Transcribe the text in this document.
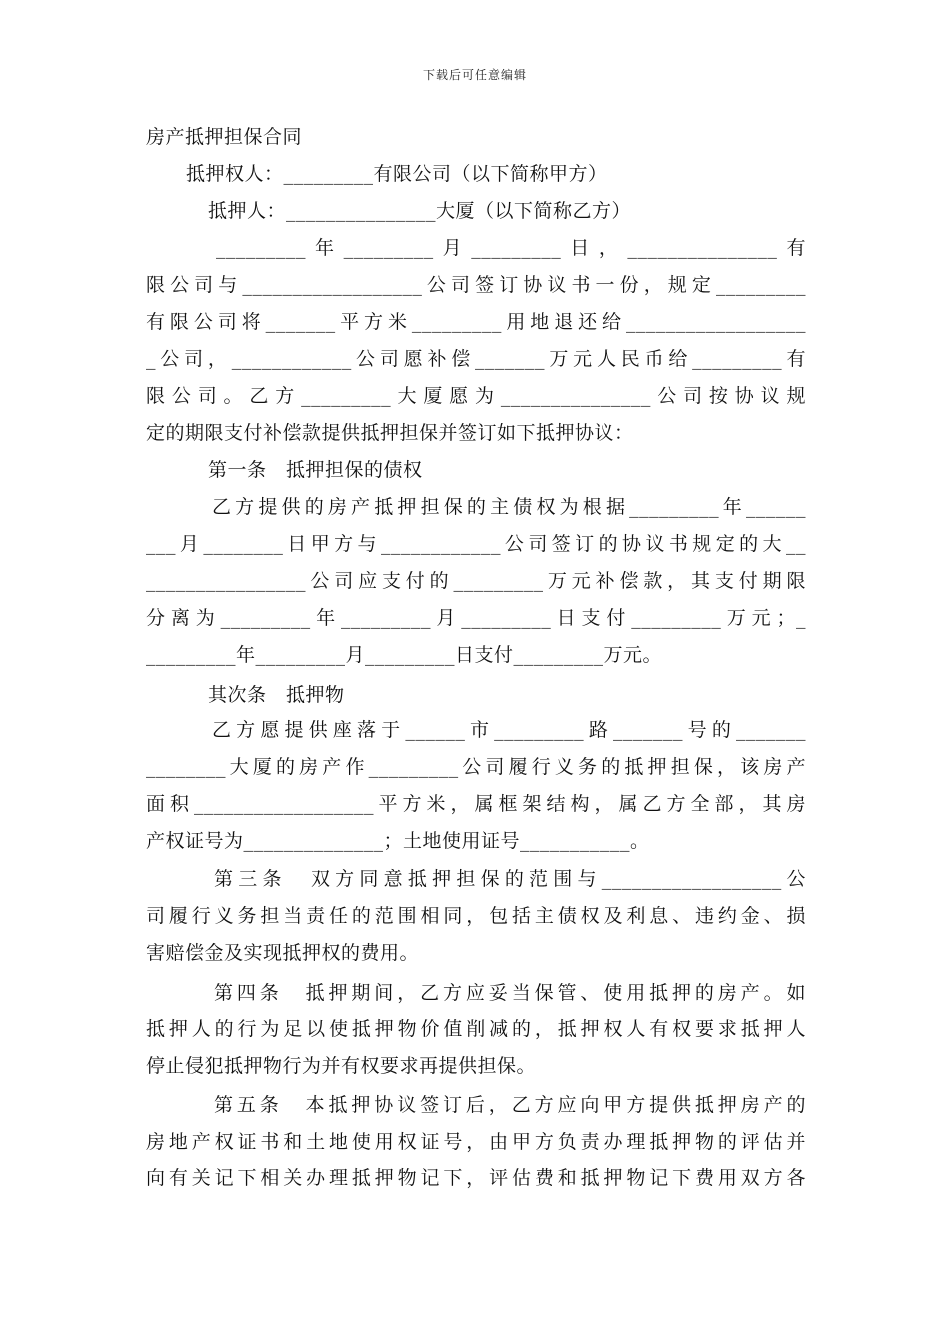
下载后可任意编辑
房产抵押担保合同
抵押权人：_________有限公司（以下简称甲方）
抵押人：_______________大厦（以下简称乙方）
_________年_________月_________日，_______________有
限公司与__________________公司签订协议书一份，规定_________
有限公司将_______平方米_________用地退还给__________________
_公司，____________公司愿补偿_______万元人民币给_________有
限公司。乙方_________大厦愿为_______________公司按协议规
定的期限支付补偿款提供抵押担保并签订如下抵押协议：
第一条　抵押担保的债权
乙方提供的房产抵押担保的主债权为根据_________年______
___月________日甲方与____________公司签订的协议书规定的大__
________________公司应支付的_________万元补偿款，其支付期限
分离为_________年_________月_________日支付_________万元；_
_________年_________月_________日支付_________万元。
其次条　抵押物
乙方愿提供座落于______市_________路_______号的_______
________大厦的房产作_________公司履行义务的抵押担保，该房产
面积__________________平方米，属框架结构，属乙方全部，其房
产权证号为______________；土地使用证号___________。
第三条　双方同意抵押担保的范围与__________________公
司履行义务担当责任的范围相同，包括主债权及利息、违约金、损
害赔偿金及实现抵押权的费用。
第四条　抵押期间，乙方应妥当保管、使用抵押的房产。如
抵押人的行为足以使抵押物价值削减的，抵押权人有权要求抵押人
停止侵犯抵押物行为并有权要求再提供担保。
第五条　本抵押协议签订后，乙方应向甲方提供抵押房产的
房地产权证书和土地使用权证号，由甲方负责办理抵押物的评估并
向有关记下相关办理抵押物记下，评估费和抵押物记下费用双方各
